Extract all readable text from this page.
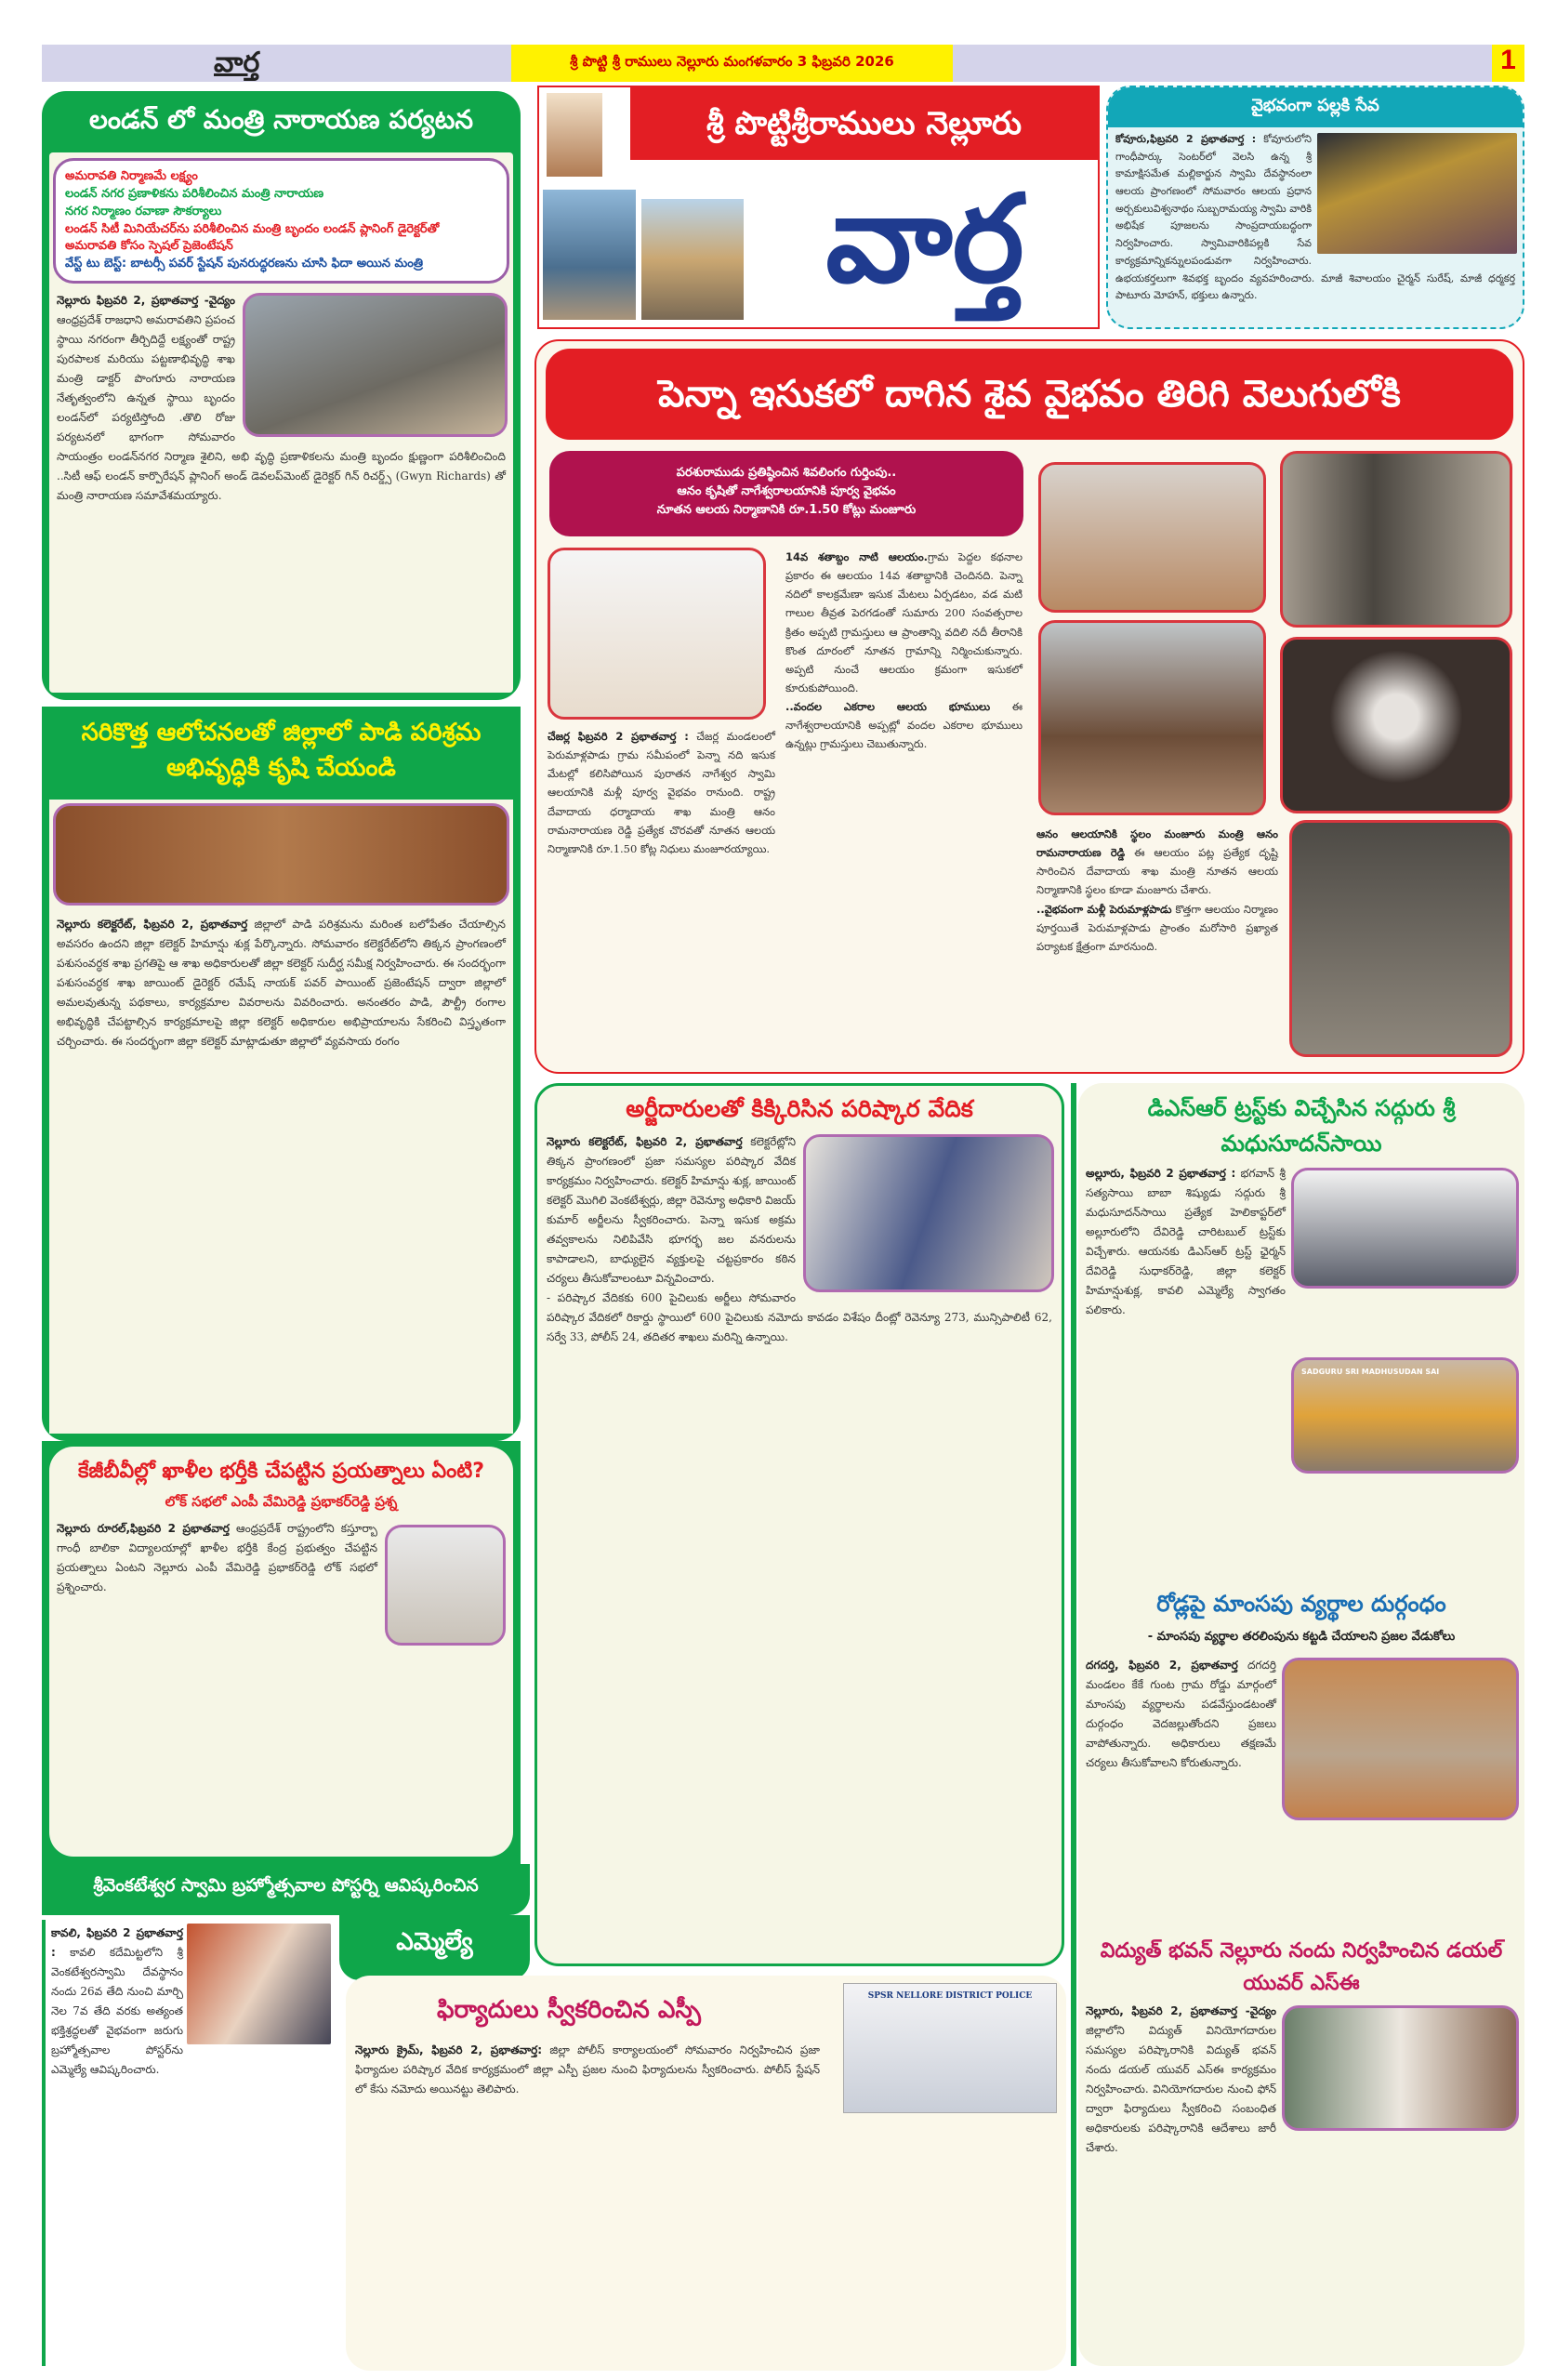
వార్త	శ్రీ పొట్టి శ్రీ రాములు నెల్లూరు మంగళవారం 3 ఫిబ్రవరి 2026	1
లండన్ లో మంత్రి నారాయణ పర్యటన
అమరావతి నిర్మాణమే లక్ష్యం
లండన్ నగర ప్రణాళికను పరిశీలించిన మంత్రి నారాయణ
నగర నిర్మాణం రవాణా సౌకర్యాలు
లండన్ సిటీ మినియేచర్‌ను పరిశీలించిన మంత్రి బృందం లండన్ ప్లానింగ్ డైరెక్టర్‌తో
అమరావతి కోసం స్పెషల్ ప్రెజెంటేషన్
వేస్ట్ టు బెస్ట్: బాటర్సీ పవర్ స్టేషన్ పునరుద్ధరణను చూసి ఫిదా అయిన మంత్రి
నెల్లూరు ఫిబ్రవరి 2, ప్రభాతవార్త -వైద్యం ఆంధ్రప్రదేశ్ రాజధాని అమరావతిని ప్రపంచ స్థాయి నగరంగా తీర్చిదిద్దే లక్ష్యంతో రాష్ట్ర పురపాలక మరియు పట్టణాభివృద్ధి శాఖ మంత్రి డాక్టర్ పొంగూరు నారాయణ నేతృత్వంలోని ఉన్నత స్థాయి బృందం లండన్‌లో పర్యటిస్తోంది .తొలి రోజు పర్యటనలో భాగంగా సోమవారం సాయంత్రం లండన్‌నగర నిర్మాణ శైలిని, అభి వృద్ధి ప్రణాళికలను మంత్రి బృందం క్షుణ్ణంగా పరిశీలించింది ..సిటీ ఆఫ్ లండన్ కార్పొరేషన్ ప్లానింగ్ అండ్ డెవలప్‌మెంట్ డైరెక్టర్ గిన్ రిచర్డ్స్ (Gwyn Richards) తో మంత్రి నారాయణ సమావేశమయ్యారు.
సరికొత్త ఆలోచనలతో జిల్లాలో పాడి పరిశ్రమ అభివృద్ధికి కృషి చేయండి
నెల్లూరు కలెక్టరేట్, ఫిబ్రవరి 2, ప్రభాతవార్త జిల్లాలో పాడి పరిశ్రమను మరింత బలోపేతం చేయాల్సిన అవసరం ఉందని జిల్లా కలెక్టర్ హిమాన్షు శుక్ల పేర్కొన్నారు. సోమవారం కలెక్టరేట్‌లోని తిక్కన ప్రాంగణంలో పశుసంవర్ధక శాఖ ప్రగతిపై ఆ శాఖ అధికారులతో జిల్లా కలెక్టర్ సుదీర్ఘ సమీక్ష నిర్వహించారు. ఈ సందర్భంగా పశుసంవర్ధక శాఖ జాయింట్ డైరెక్టర్ రమేష్ నాయక్ పవర్ పాయింట్ ప్రజెంటేషన్ ద్వారా జిల్లాలో అమలవుతున్న పథకాలు, కార్యక్రమాల వివరాలను వివరించారు. అనంతరం పాడి, పౌల్ట్రీ రంగాల అభివృద్ధికి చేపట్టాల్సిన కార్యక్రమాలపై జిల్లా కలెక్టర్ అధికారుల అభిప్రాయాలను సేకరించి విస్తృతంగా చర్చించారు. ఈ సందర్భంగా జిల్లా కలెక్టర్ మాట్లాడుతూ జిల్లాలో వ్యవసాయ రంగం
కేజీబీవీల్లో ఖాళీల భర్తీకి చేపట్టిన ప్రయత్నాలు ఏంటి?
లోక్ సభలో ఎంపీ వేమిరెడ్డి ప్రభాకర్‌రెడ్డి ప్రశ్న
నెల్లూరు రూరల్,ఫిబ్రవరి 2 ప్రభాతవార్త ఆంధ్రప్రదేశ్ రాష్ట్రంలోని కస్తూర్బా గాంధీ బాలికా విద్యాలయాల్లో ఖాళీల భర్తీకి కేంద్ర ప్రభుత్వం చేపట్టిన ప్రయత్నాలు ఏంటని నెల్లూరు ఎంపీ వేమిరెడ్డి ప్రభాకర్‌రెడ్డి లోక్ సభలో ప్రశ్నించారు.
శ్రీవెంకటేశ్వర స్వామి బ్రహ్మోత్సవాల పోస్టర్ని ఆవిష్కరించిన
ఎమ్మెల్యే
కావలి, ఫిబ్రవరి 2 ప్రభాతవార్త : కావలి కదేమిట్టలోని శ్రీ వెంకటేశ్వరస్వామి దేవస్థానం నందు 26వ తేది నుంచి మార్చి నెల 7వ తేది వరకు అత్యంత భక్తిశ్రద్ధలతో వైభవంగా జరుగు బ్రహ్మోత్సవాల పోస్టర్‌ను ఎమ్మెల్యే ఆవిష్కరించారు.
శ్రీ పొట్టిశ్రీరాములు నెల్లూరు
వార్త
వైభవంగా పల్లకి సేవ
కోవూరు,ఫిబ్రవరి 2 ప్రభాతవార్త : కోవూరులోని గాంధీపార్కు సెంటర్‌లో వెలసి ఉన్న శ్రీ కామాక్షిసమేత మల్లికార్జున స్వామి దేవస్థానంలా ఆలయ ప్రాంగణంలో సోమవారం ఆలయ ప్రధాన అర్చకులువిశ్వనాథం సుబ్బరామయ్య స్వామి వారికి అభిషేక పూజలను సాంప్రదాయబద్ధంగా నిర్వహించారు. స్వామివారికిపల్లకి సేవ కార్యక్రమాన్నికన్నులపండువగా నిర్వహించారు. ఉభయకర్తలుగా శివభక్త బృందం వ్యవహరించారు. మాజీ శివాలయం చైర్మన్ సురేష్, మాజీ ధర్మకర్త పాటూరు మోహన్, భక్తులు ఉన్నారు.
పెన్నా ఇసుకలో దాగిన శైవ వైభవం తిరిగి వెలుగులోకి
పరశురాముడు ప్రతిష్ఠించిన శివలింగం గుర్తింపు..
ఆనం కృషితో నాగేశ్వరాలయానికి పూర్వ వైభవం
నూతన ఆలయ నిర్మాణానికి రూ.1.50 కోట్లు మంజూరు
చేజర్ల ఫిబ్రవరి 2 ప్రభాతవార్త : చేజర్ల మండలంలో పెరుమాళ్లపాడు గ్రామ సమీపంలో పెన్నా నది ఇసుక మేటల్లో కలిసిపోయిన పురాతన నాగేశ్వర స్వామి ఆలయానికి మళ్లీ పూర్వ వైభవం రానుంది. రాష్ట్ర దేవాదాయ ధర్మాదాయ శాఖ మంత్రి ఆనం రామనారాయణ రెడ్డి ప్రత్యేక చొరవతో నూతన ఆలయ నిర్మాణానికి రూ.1.50 కోట్ల నిధులు మంజూరయ్యాయి.
14వ శతాబ్దం నాటి ఆలయం.గ్రామ పెద్దల కథనాల ప్రకారం ఈ ఆలయం 14వ శతాబ్దానికి చెందినది. పెన్నా నదిలో కాలక్రమేణా ఇసుక మేటలు ఏర్పడటం, వడ మటి గాలుల తీవ్రత పెరగడంతో సుమారు 200 సంవత్సరాల క్రితం అప్పటి గ్రామస్తులు ఆ ప్రాంతాన్ని వదిలి నదీ తీరానికి కొంత దూరంలో నూతన గ్రామాన్ని నిర్మించుకున్నారు. అప్పటి నుంచే ఆలయం క్రమంగా ఇసుకలో కూరుకుపోయింది.
..వందల ఎకరాల ఆలయ భూములు ఈ నాగేశ్వరాలయానికి అప్పట్లో వందల ఎకరాల భూములు ఉన్నట్లు గ్రామస్తులు చెబుతున్నారు.
ఆనం ఆలయానికి స్థలం మంజూరు మంత్రి ఆనం రామనారాయణ రెడ్డి ఈ ఆలయం పట్ల ప్రత్యేక దృష్టి సారించిన దేవాదాయ శాఖ మంత్రి నూతన ఆలయ నిర్మాణానికి స్థలం కూడా మంజూరు చేశారు.
..వైభవంగా మళ్లీ పెరుమాళ్లపాడు కొత్తగా ఆలయం నిర్మాణం పూర్తయితే పెరుమాళ్లపాడు ప్రాంతం మరోసారి ప్రఖ్యాత పర్యాటక క్షేత్రంగా మారనుంది.
అర్జీదారులతో కిక్కిరిసిన పరిష్కార వేదిక
నెల్లూరు కలెక్టరేట్, ఫిబ్రవరి 2, ప్రభాతవార్త కలెక్టరేట్లోని తిక్కన ప్రాంగణంలో ప్రజా సమస్యల పరిష్కార వేదిక కార్యక్రమం నిర్వహించారు. కలెక్టర్ హిమాన్షు శుక్ల, జాయింట్ కలెక్టర్ మొగిలి వెంకటేశ్వర్లు, జిల్లా రెవెన్యూ అధికారి విజయ్ కుమార్ అర్జీలను స్వీకరించారు. పెన్నా ఇసుక అక్రమ తవ్వకాలను నిలిపివేసి భూగర్భ జల వనరులను కాపాడాలని, బాధ్యులైన వ్యక్తులపై చట్టప్రకారం కఠిన చర్యలు తీసుకోవాలంటూ విన్నవించారు.
- పరిష్కార వేదికకు 600 పైచిలుకు అర్జీలు సోమవారం పరిష్కార వేదికలో రికార్డు స్థాయిలో 600 పైచిలుకు నమోదు కావడం విశేషం దీంట్లో రెవెన్యూ 273, మున్సిపాలిటీ 62, సర్వే 33, పోలీస్ 24, తదితర శాఖలు మరిన్ని ఉన్నాయి.
ఫిర్యాదులు స్వీకరించిన ఎస్పీ	SPSR NELLORE DISTRICT POLICE
నెల్లూరు క్రైమ్, ఫిబ్రవరి 2, ప్రభాతవార్త: జిల్లా పోలీస్ కార్యాలయంలో సోమవారం నిర్వహించిన ప్రజా ఫిర్యాదుల పరిష్కార వేదిక కార్యక్రమంలో జిల్లా ఎస్పీ ప్రజల నుంచి ఫిర్యాదులను స్వీకరించారు. పోలీస్ స్టేషన్ లో కేసు నమోదు అయినట్టు తెలిపారు.
డిఎస్ఆర్ ట్రస్ట్‌కు విచ్చేసిన సద్గురు శ్రీ మధుసూదన్‌సాయి
అల్లూరు, ఫిబ్రవరి 2 ప్రభాతవార్త : భగవాన్ శ్రీ సత్యసాయి బాబా శిష్యుడు సద్గురు శ్రీ మధుసూదన్‌సాయి ప్రత్యేక హెలికాప్టర్‌లో అల్లూరులోని దేవిరెడ్డి చారిటబుల్ ట్రస్ట్‌కు విచ్చేశారు. ఆయనకు డిఎస్ఆర్ ట్రస్ట్ ఛైర్మన్ దేవిరెడ్డి సుధాకర్‌రెడ్డి, జిల్లా కలెక్టర్ హిమాన్షుశుక్ల, కావలి ఎమ్మెల్యే స్వాగతం పలికారు.
SADGURU SRI MADHUSUDAN SAI
రోడ్లపై మాంసపు వ్యర్థాల దుర్గంధం
- మాంసపు వ్యర్థాల తరలింపును కట్టడి చేయాలని ప్రజల వేడుకోలు
దగదర్తి, ఫిబ్రవరి 2, ప్రభాతవార్త దగదర్తి మండలం కేకే గుంట గ్రామ రోడ్డు మార్గంలో మాంసపు వ్యర్థాలను పడవేస్తుండటంతో దుర్గంధం వెదజల్లుతోందని ప్రజలు వాపోతున్నారు. అధికారులు తక్షణమే చర్యలు తీసుకోవాలని కోరుతున్నారు.
విద్యుత్ భవన్ నెల్లూరు నందు నిర్వహించిన డయల్ యువర్ ఎస్ఈ
నెల్లూరు, ఫిబ్రవరి 2, ప్రభాతవార్త -వైద్యం జిల్లాలోని విద్యుత్ వినియోగదారుల సమస్యల పరిష్కారానికి విద్యుత్ భవన్ నందు డయల్ యువర్ ఎస్ఈ కార్యక్రమం నిర్వహించారు. వినియోగదారుల నుంచి ఫోన్ ద్వారా ఫిర్యాదులు స్వీకరించి సంబంధిత అధికారులకు పరిష్కారానికి ఆదేశాలు జారీ చేశారు.
